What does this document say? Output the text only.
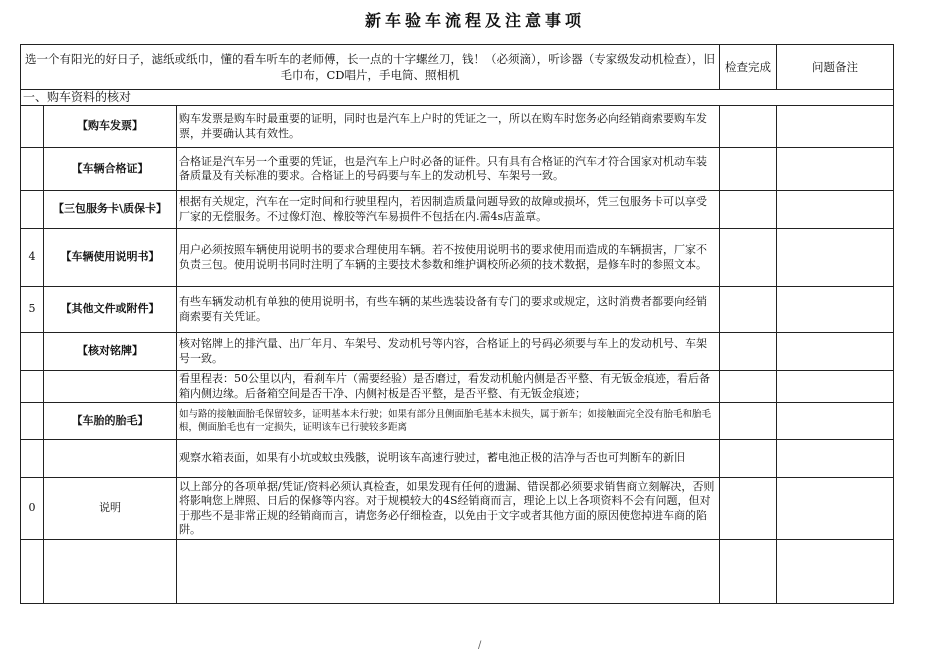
新车验车流程及注意事项
选一个有阳光的好日子，滤纸或纸巾，懂的看车听车的老师傅，长一点的十字螺丝刀，钱！（必须滴），听诊器（专家级发动机检查），旧毛巾布，CD唱片，手电筒、照相机			检查完成	问题备注
一、购车资料的核对				
	【购车发票】	购车发票是购车时最重要的证明，同时也是汽车上户时的凭证之一，所以在购车时您务必向经销商索要购车发票，并要确认其有效性。		
	【车辆合格证】	合格证是汽车另一个重要的凭证，也是汽车上户时必备的证件。只有具有合格证的汽车才符合国家对机动车装备质量及有关标准的要求。合格证上的号码要与车上的发动机号、车架号一致。		
	【三包服务卡\质保卡】	根据有关规定，汽车在一定时间和行驶里程内，若因制造质量问题导致的故障或损坏，凭三包服务卡可以享受厂家的无偿服务。不过像灯泡、橡胶等汽车易损件不包括在内.需4s店盖章。		
4	【车辆使用说明书】	用户必须按照车辆使用说明书的要求合理使用车辆。若不按使用说明书的要求使用而造成的车辆损害，厂家不负责三包。使用说明书同时注明了车辆的主要技术参数和维护调校所必须的技术数据，是修车时的参照文本。		
5	【其他文件或附件】	有些车辆发动机有单独的使用说明书，有些车辆的某些选装设备有专门的要求或规定，这时消费者都要向经销商索要有关凭证。		
	【核对铭牌】	核对铭牌上的排汽量、出厂年月、车架号、发动机号等内容，合格证上的号码必须要与车上的发动机号、车架号一致。		
		看里程表：50公里以内，看刹车片（需要经验）是否磨过，看发动机舱内侧是否平整、有无钣金痕迹，看后备箱内侧边缘。后备箱空间是否干净、内侧衬板是否平整，是否平整、有无钣金痕迹；		
	【车胎的胎毛】	如与路的接触面胎毛保留较多，证明基本未行驶；如果有部分且侧面胎毛基本未损失，属于新车；如接触面完全没有胎毛和胎毛根，侧面胎毛也有一定损失，证明该车已行驶较多距离		
		观察水箱表面，如果有小坑或蚊虫残骸，说明该车高速行驶过，蓄电池正极的洁净与否也可判断车的新旧		
0	说明	以上部分的各项单据/凭证/资料必须认真检查，如果发现有任何的遗漏、错误都必须要求销售商立刻解决，否则将影响您上牌照、日后的保修等内容。对于规模较大的4S经销商而言，理论上以上各项资料不会有问题，但对于那些不是非常正规的经销商而言，请您务必仔细检查，以免由于文字或者其他方面的原因使您掉进车商的陷阱。		

/
